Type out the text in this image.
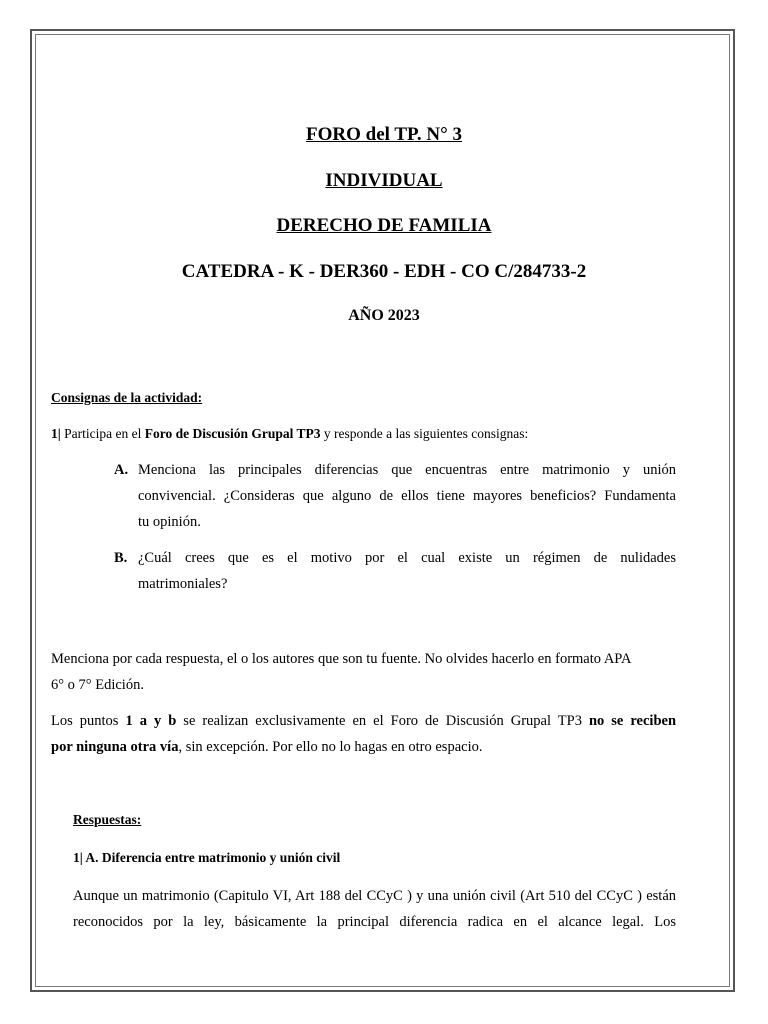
FORO del TP. N° 3
INDIVIDUAL
DERECHO DE FAMILIA
CATEDRA - K - DER360 - EDH - CO C/284733-2
AÑO 2023
Consignas de la actividad:
1| Participa en el Foro de Discusión Grupal TP3 y responde a las siguientes consignas:
A. Menciona las principales diferencias que encuentras entre matrimonio y unión
convivencial. ¿Consideras que alguno de ellos tiene mayores beneficios? Fundamenta
tu opinión.
B. ¿Cuál crees que es el motivo por el cual existe un régimen de nulidades
matrimoniales?
Menciona por cada respuesta, el o los autores que son tu fuente. No olvides hacerlo en formato APA
6° o 7° Edición.
Los puntos 1 a y b se realizan exclusivamente en el Foro de Discusión Grupal TP3 no se reciben
por ninguna otra vía, sin excepción. Por ello no lo hagas en otro espacio.
Respuestas:
1| A. Diferencia entre matrimonio y unión civil
Aunque un matrimonio (Capitulo VI, Art 188 del CCyC ) y una unión civil (Art 510 del CCyC ) están
reconocidos por la ley, básicamente la principal diferencia radica en el alcance legal. Los
